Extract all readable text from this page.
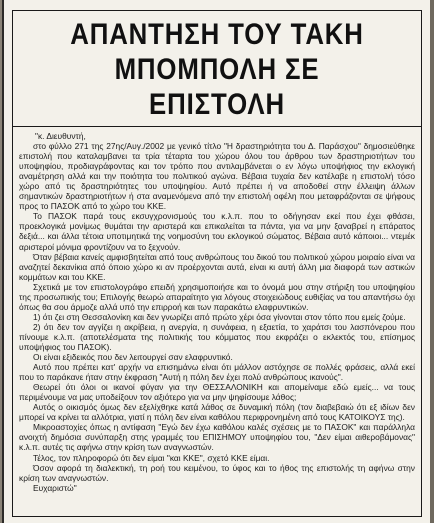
ΑΠΑΝΤΗΣΗ ΤΟΥ ΤΑΚΗ
ΜΠΟΜΠΟΛΗ ΣΕ ΕΠΙΣΤΟΛΗ

"κ. Διευθυντή,

στο φύλλο 271 της 27ης/Αυγ./2002 με γενικό τίτλο "Η δραστηριότητα του Δ. Παράσχου" δημοσιεύθηκε επιστολή που καταλαμβανει τα τρία τέταρτα του χώρου όλου του άρθρου των δραστηριοτήτων του υποψηφίου, προδιαγράφοντας και τον τρόπο που αντιλαμβάνεται ο εν λόγω υποψήφιος την εκλογική αναμέτρηση αλλά και την ποιότητα του πολιτικού αγώνα. Βέβαια τυχαία δεν κατέλαβε η επιστολή τόσο χώρο από τις δραστηριότητες του υποψηφίου. Αυτό πρέπει ή να αποδοθεί στην έλλειψη άλλων σημαντικών δραστηριοτήτων ή στα αναμενόμενα από την επιστολή οφέλη που μεταφράζονται σε ψήφους προς το ΠΑΣΟΚ από το χώρο του ΚΚΕ.

Το ΠΑΣΟΚ παρά τους εκσυγχρονισμούς του κ.λ.π. που το οδήγησαν εκεί που έχει φθάσει, προεκλογικά μονίμως θυμάται την αριστερά και επικαλείται τα πάντα, για να μην ξαναβρεί η επάρατος δεξιά... και άλλα τέτοια υποτιμητικά της νοημοσύνη του εκλογικού σώματος. Βέβαια αυτό κάποιοι... ντεμέκ αριστεροί μόνιμα φροντίζουν να το ξεχνούν.

Όταν βέβαια κανείς αμφισβητείται από τους ανθρώπους του δικού του πολιτικού χώρου μοιραίο είναι να αναζητεί δεκανίκια από όποιο χώρο κι αν προέρχονται αυτά, είναι κι αυτή άλλη μια διαφορά των αστικών κομμάτων και του ΚΚΕ.

Σχετικά με τον επιστολογράφο επειδή χρησιμοποιήσε και το όνομά μου στην στήριξη του υποψηφίου της προσωπικής του; Επιλογής θεωρώ απαραίτητο για λόγους στοιχειώδους ευθιξίας να του απαντήσω όχι όπως θα σου άρμοζε αλλά υπό την επιρροή και των παρακάτω ελαφρυντικών.

1) ότι ζει στη Θεσσαλονίκη και δεν γνωρίζει από πρώτο χέρι όσα γίνονται στον τόπο που εμείς ζούμε.

2) ότι δεν τον αγγίζει η ακρίβεια, η ανεργία, η συνάφεια, η εξαετία, το χαράτσι του λασπόνερου που πίνουμε κ.λ.π. (αποτελέσματα της πολιτικής του κόμματος που εκφράζει ο εκλεκτός του, επίσημος υποψήφιος του ΠΑΣΟΚ).

Οι είναι εξιδεικός που δεν λειτουργεί σαν ελαφρυντικό.

Αυτό που πρέπει κατ' αρχήν να επισημάνω είναι ότι μάλλον αστόχησε σε πολλές φράσεις, αλλά εκεί που το παράκανε ήταν στην έκφραση "Αυτή η πόλη δεν έχει πολύ ανθρώπους ικανούς".

Θεωρεί ότι όλοι οι ικανοί φύγαν για την ΘΕΣΣΑΛΟΝΙΚΗ και απομείναμε εδώ εμείς... να τους περιμένουμε να μας υποδείξουν τον αξιότερο για να μην ψηφίσουμε λάθος;

Αυτός ο οικισμός όμως δεν εξελίχθηκε κατά λάθος σε δυναμική πόλη (τον διαβεβαιώ ότι εξ ιδίων δεν μπορεί να κρίνει τα αλλότρια, γιατί η πόλη δεν είναι καθόλου περιφρονημένη από τους ΚΑΤΟΙΚΟΥΣ της).

Μικροαστοχίες όπως η αντίφαση "Εγώ δεν έχω καθόλου καλές σχέσεις με το ΠΑΣΟΚ" και παράλληλα ανοιχτή δημόσια συνύπαρξη στης γραμμές του ΕΠΙΣΗΜΟΥ υποψηφίου του, "Δεν είμαι αιθεροβάμονας" κ.λ.π. αυτές τις αφήνω στην κρίση των αναγνωστών.

Τέλος, τον πληροφορώ ότι δεν είμαι "και ΚΚΕ", σχετό ΚΚΕ είμαι.

Όσον αφορά τη διαλεκτική, τη ροή του κειμένου, το ύφος και το ήθος της επιστολής τη αφήνω στην κρίση των αναγνωστών.

Ευχαριστώ"
